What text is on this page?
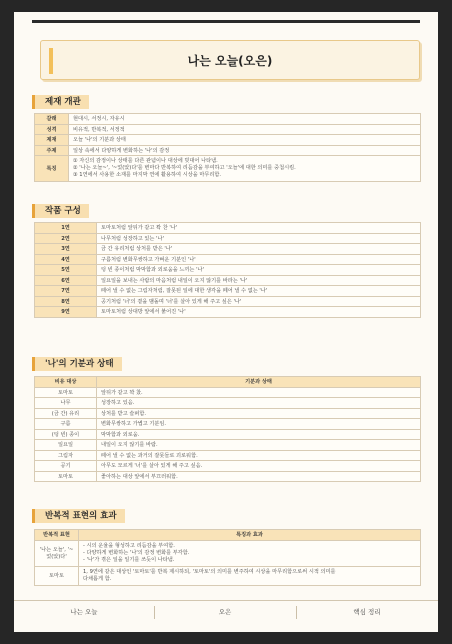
나는 오늘(오은)
제재 개관
갈래	현대시, 서정시, 자유시
성격	비유적, 반복적, 서정적
제재	오늘 '나'의 기분과 상태
주제	일상 속에서 다양하게 변화하는 '나'의 감정
특징	① 자신의 감정이나 상태를 다른 관념이나 대상에 빗대어 나타냄.
② '나는 오늘~', '~었(았)다'를 변마다 반복하여 리듬감을 부여하고 '오늘'에 대한 의미를 중첩시킴.
③ 1연에서 사용한 소재를 마지막 연에 활용하여 시상을 마무리함.
작품 구성
1연	토마토처럼 앞뒤가 같고 꽉 찬 '나'
2연	나무처럼 성장하고 있는 '나'
3연	금 간 유리처럼 상처를 받은 '나'
4연	구름처럼 변화무쌍하고 가벼운 기분인 '나'
5연	텅 빈 종이처럼 막막함과 외로움을 느끼는 '나'
6연	일요일을 보내는 사람의 마음처럼 내일이 오지 않기를 바라는 '나'
7연	떼어 낼 수 없는 그림자처럼, 잘못된 일에 대한 생각을 떼어 낼 수 없는 '나'
8연	공기처럼 '너'의 곁을 맴돌며 '너'를 살아 있게 해 주고 싶은 '나'
9연	토마토처럼 상대방 앞에서 붉어진 '나'
'나'의 기분과 상태
비유 대상	기분과 상태
토마토	앞뒤가 같고 꽉 찼.
나무	성장하고 있음.
(금 간) 유리	상처를 받고 슬퍼함.
구름	변화무쌍하고 가볍고 기분임.
(텅 빈) 종이	막막함과 외로움.
일요일	내일이 오지 않기를 바람.
그림자	떼어 낼 수 없는 과거의 잘못들로 괴로워함.
공기	아무도 모르게 '너'를 살아 있게 해 주고 싶음.
토마토	좋아하는 대상 앞에서 부끄러워함.
반복적 표현의 효과
반복적 표현	특징과 효과
'나는 오늘', '~었(았)다'	- 시의 운율을 형성하고 리듬감을 부여함.
- 다양하게 변화하는 '나'의 감정 변화를 부각함.
- '나'가 겪은 일을 일기를 쓰듯이 나타냄.

토마토	1, 9연에 같은 대상인 '토마토'를 반복 제시하되, '토마토'의 의미를 변주하여 시상을 마무리함으로써 시적 의미를
다채롭게 함.
나는 오늘	오은	핵심 정리
